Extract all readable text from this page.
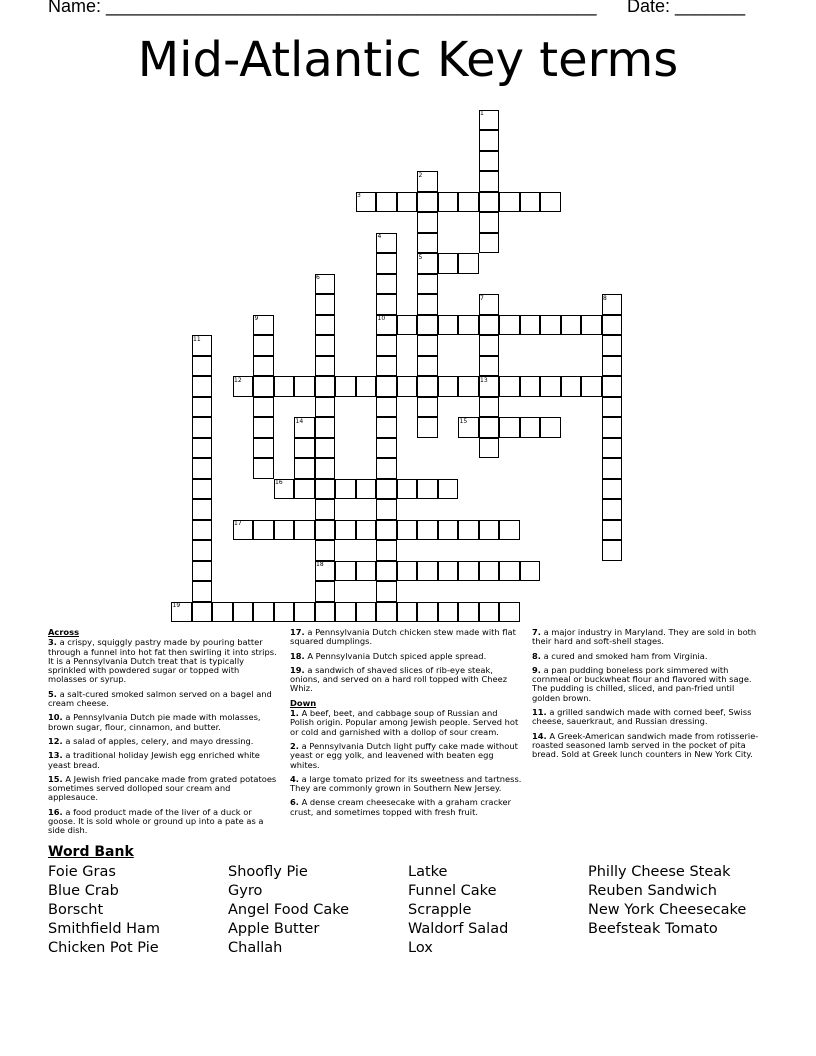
Name: _________________________________________________ Date: _______
Mid-Atlantic Key terms
1
2
3
4
5
6
7	8
9	10
11
12	13
14	15
16
17
18
19
Across
3. a crispy, squiggly pastry made by pouring batter through a funnel into hot fat then swirling it into strips. It is a Pennsylvania Dutch treat that is typically sprinkled with powdered sugar or topped with molasses or syrup.
5. a salt-cured smoked salmon served on a bagel and cream cheese.
10. a Pennsylvania Dutch pie made with molasses, brown sugar, flour, cinnamon, and butter.
12. a salad of apples, celery, and mayo dressing.
13. a traditional holiday Jewish egg enriched white yeast bread.
15. A Jewish fried pancake made from grated potatoes sometimes served dolloped sour cream and applesauce.
16. a food product made of the liver of a duck or goose. It is sold whole or ground up into a pate as a side dish.
17. a Pennsylvania Dutch chicken stew made with flat squared dumplings.
18. A Pennsylvania Dutch spiced apple spread.
19. a sandwich of shaved slices of rib-eye steak, onions, and served on a hard roll topped with Cheez Whiz.
Down
1. A beef, beet, and cabbage soup of Russian and Polish origin. Popular among Jewish people. Served hot or cold and garnished with a dollop of sour cream.
2. a Pennsylvania Dutch light puffy cake made without yeast or egg yolk, and leavened with beaten egg whites.
4. a large tomato prized for its sweetness and tartness. They are commonly grown in Southern New Jersey.
6. A dense cream cheesecake with a graham cracker crust, and sometimes topped with fresh fruit.
7. a major industry in Maryland. They are sold in both their hard and soft-shell stages.
8. a cured and smoked ham from Virginia.
9. a pan pudding boneless pork simmered with cornmeal or buckwheat flour and flavored with sage. The pudding is chilled, sliced, and pan-fried until golden brown.
11. a grilled sandwich made with corned beef, Swiss cheese, sauerkraut, and Russian dressing.
14. A Greek-American sandwich made from rotisserie-roasted seasoned lamb served in the pocket of pita bread. Sold at Greek lunch counters in New York City.
Word Bank
Foie Gras
Blue Crab
Borscht
Smithfield Ham
Chicken Pot Pie
Shoofly Pie
Gyro
Angel Food Cake
Apple Butter
Challah
Latke
Funnel Cake
Scrapple
Waldorf Salad
Lox
Philly Cheese Steak
Reuben Sandwich
New York Cheesecake
Beefsteak Tomato
